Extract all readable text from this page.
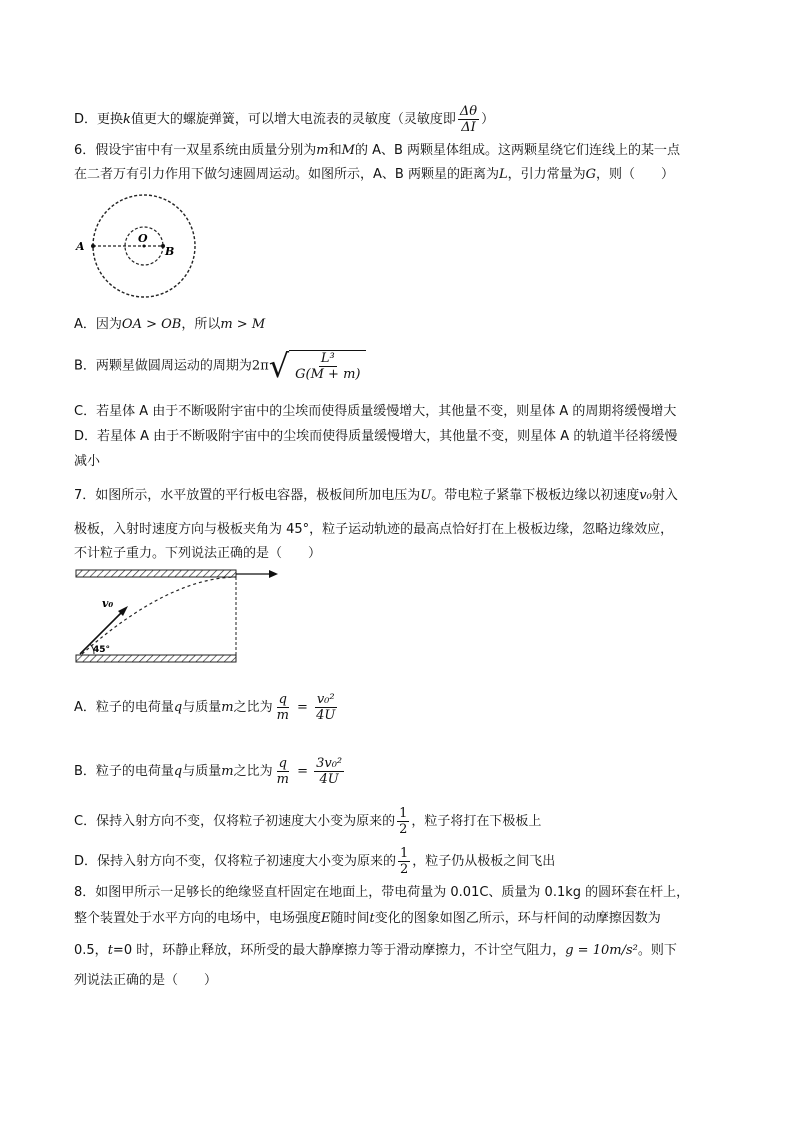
D．更换k值更大的螺旋弹簧，可以增大电流表的灵敏度（灵敏度即 $\frac{\Delta\theta}{\Delta I}$ ）
6．假设宇宙中有一双星系统由质量分别为m和M的 A、B 两颗星体组成。这两颗星绕它们连线上的某一点
在二者万有引力作用下做匀速圆周运动。如图所示，A、B 两颗星的距离为L，引力常量为G，则（　　）
A
O
B
A．因为OA > OB，所以m > M
B．两颗星做圆周运动的周期为2π √ $\frac{\text{L³}}{G(M + m)}$
C．若星体 A 由于不断吸附宇宙中的尘埃而使得质量缓慢增大，其他量不变，则星体 A 的周期将缓慢增大
D．若星体 A 由于不断吸附宇宙中的尘埃而使得质量缓慢增大，其他量不变，则星体 A 的轨道半径将缓慢
减小
7．如图所示，水平放置的平行板电容器，极板间所加电压为U。带电粒子紧靠下极板边缘以初速度v₀射入
极板，入射时速度方向与极板夹角为 45°，粒子运动轨迹的最高点恰好打在上极板边缘，忽略边缘效应，
不计粒子重力。下列说法正确的是（　　）
v₀
45°
A．粒子的电荷量q与质量m之比为 $\frac{q}{m} = \frac{\text{v₀²}}{4U}$
B．粒子的电荷量q与质量m之比为 $\frac{q}{m} = \frac{\text{3v₀²}}{4U}$
C．保持入射方向不变，仅将粒子初速度大小变为原来的 $\frac{1}{2}$ ，粒子将打在下极板上
D．保持入射方向不变，仅将粒子初速度大小变为原来的 $\frac{1}{2}$ ，粒子仍从极板之间飞出
8．如图甲所示一足够长的绝缘竖直杆固定在地面上，带电荷量为 0.01C、质量为 0.1kg 的圆环套在杆上，
整个装置处于水平方向的电场中，电场强度E随时间t变化的图象如图乙所示，环与杆间的动摩擦因数为
0.5，t=0 时，环静止释放，环所受的最大静摩擦力等于滑动摩擦力，不计空气阻力，g = 10m/s²。则下
列说法正确的是（　　）
